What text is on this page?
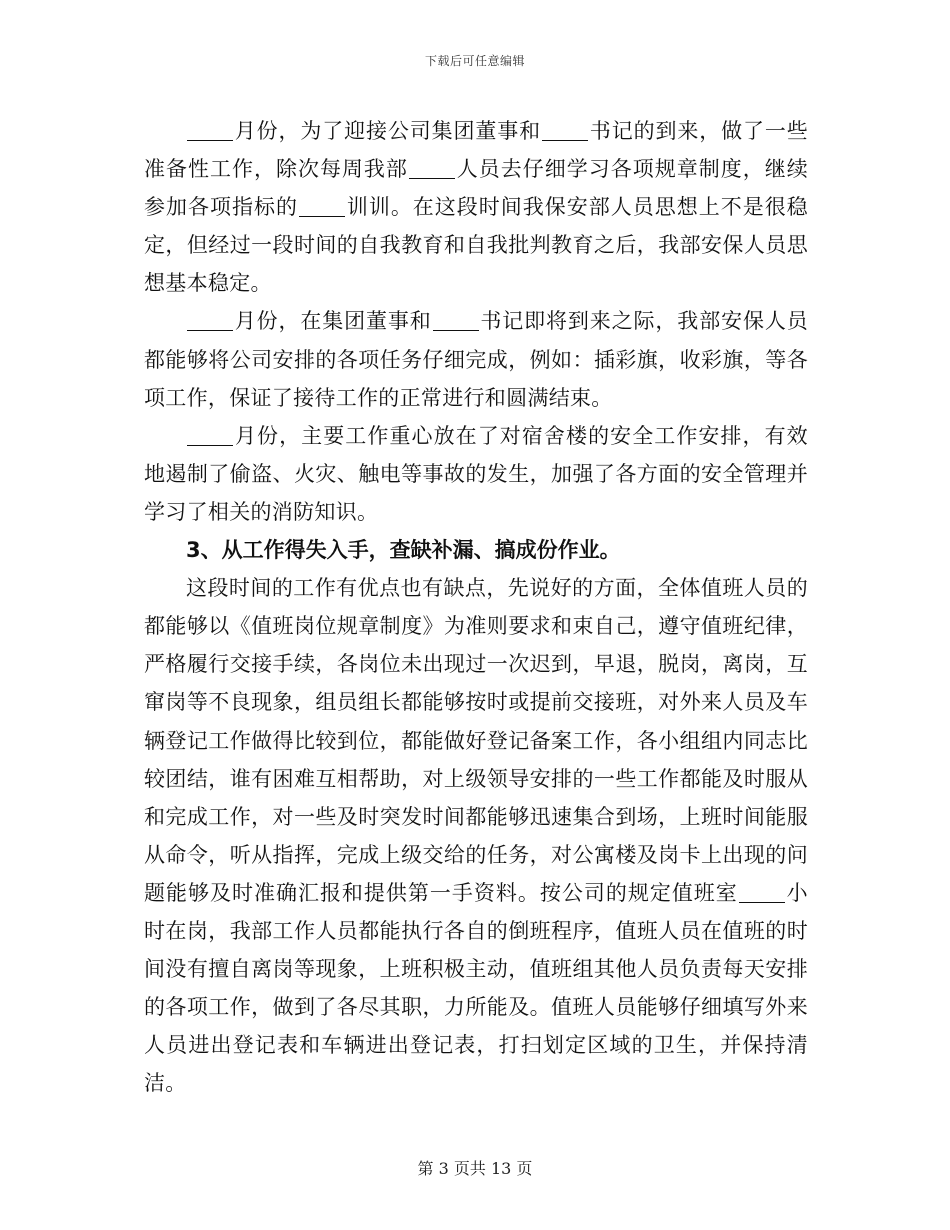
下载后可任意编辑

月份，为了迎接公司集团董事和 书记的到来，做了一些准备性工作，除次每周我部 人员去仔细学习各项规章制度，继续参加各项指标的 训训。在这段时间我保安部人员思想上不是很稳定，但经过一段时间的自我教育和自我批判教育之后，我部安保人员思想基本稳定。

月份，在集团董事和 书记即将到来之际，我部安保人员都能够将公司安排的各项任务仔细完成，例如：插彩旗，收彩旗，等各项工作，保证了接待工作的正常进行和圆满结束。

月份，主要工作重心放在了对宿舍楼的安全工作安排，有效地遏制了偷盗、火灾、触电等事故的发生，加强了各方面的安全管理并学习了相关的消防知识。

3、从工作得失入手，查缺补漏、搞成份作业。

这段时间的工作有优点也有缺点，先说好的方面，全体值班人员的都能够以《值班岗位规章制度》为准则要求和束自己，遵守值班纪律，严格履行交接手续，各岗位未出现过一次迟到，早退，脱岗，离岗，互窜岗等不良现象，组员组长都能够按时或提前交接班，对外来人员及车辆登记工作做得比较到位，都能做好登记备案工作，各小组组内同志比较团结，谁有困难互相帮助，对上级领导安排的一些工作都能及时服从和完成工作，对一些及时突发时间都能够迅速集合到场，上班时间能服从命令，听从指挥，完成上级交给的任务，对公寓楼及岗卡上出现的问题能够及时准确汇报和提供第一手资料。按公司的规定值班室 小时在岗，我部工作人员都能执行各自的倒班程序，值班人员在值班的时间没有擅自离岗等现象，上班积极主动，值班组其他人员负责每天安排的各项工作，做到了各尽其职，力所能及。值班人员能够仔细填写外来人员进出登记表和车辆进出登记表，打扫划定区域的卫生，并保持清洁。

第 3 页共 13 页
